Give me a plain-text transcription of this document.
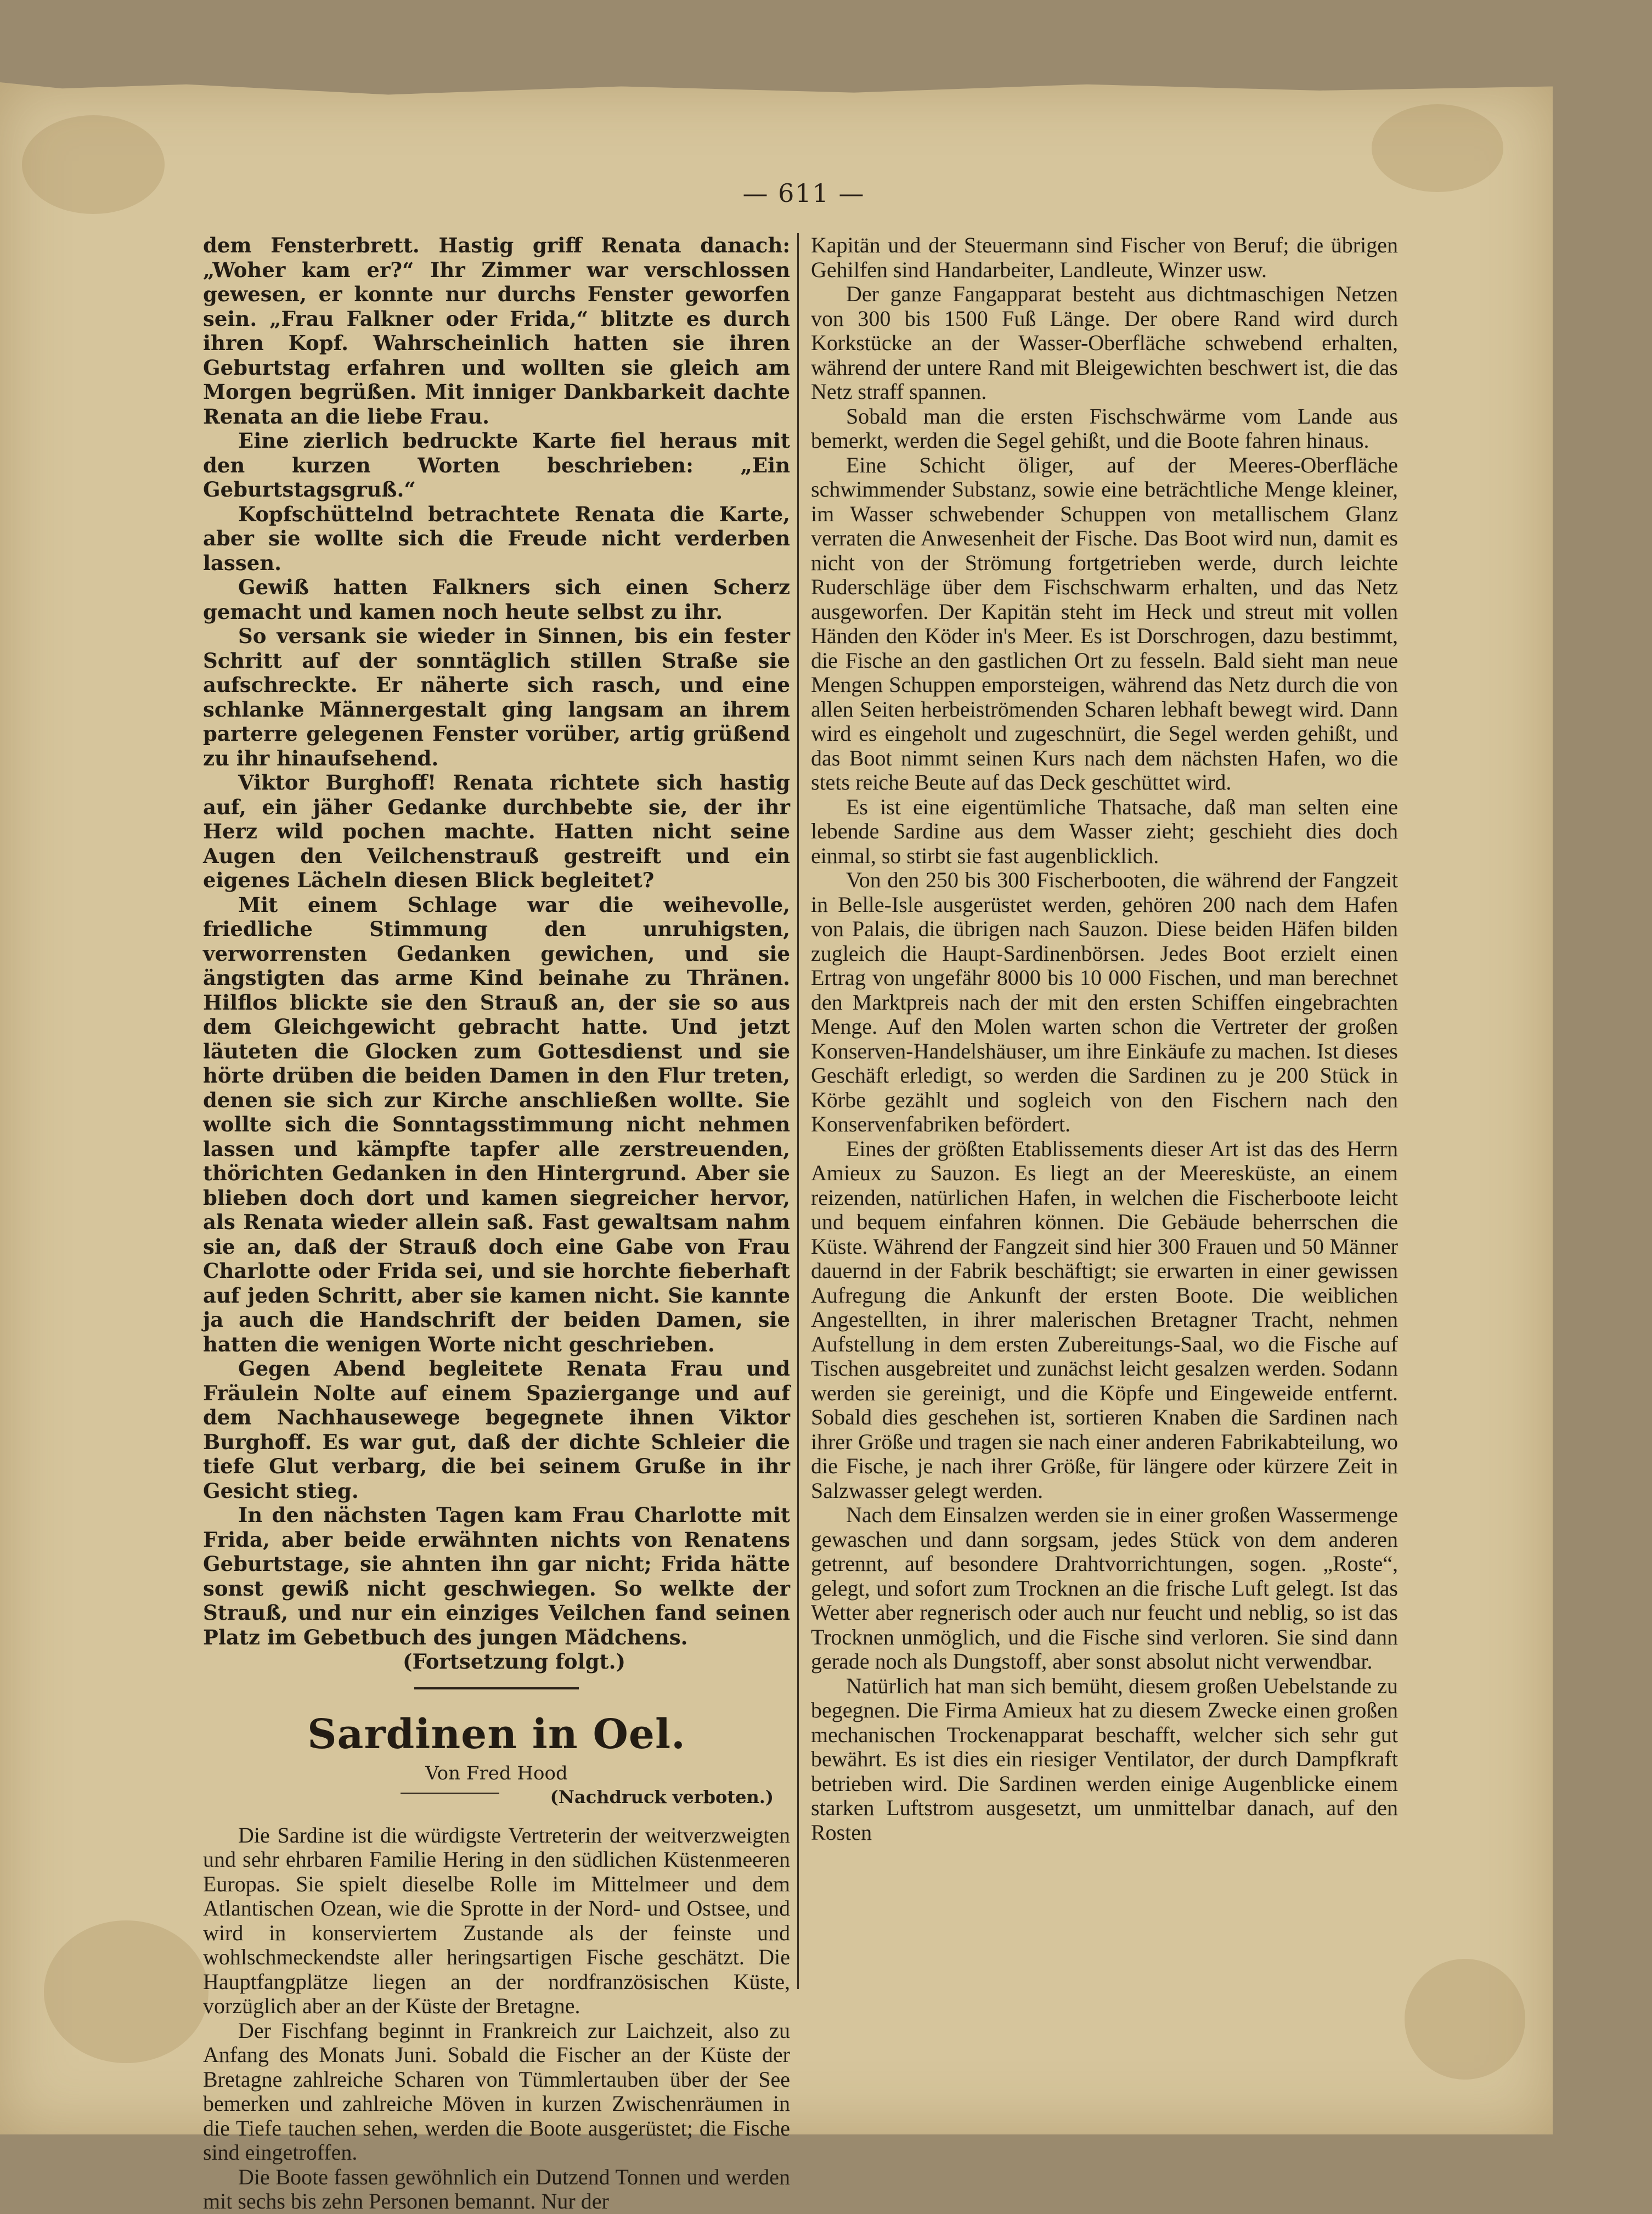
— 611 —

dem Fensterbrett. Hastig griff Renata danach: „Woher kam er?“ Ihr Zimmer war verschlossen gewesen, er konnte nur durchs Fenster geworfen sein. „Frau Falkner oder Frida,“ blitzte es durch ihren Kopf. Wahrscheinlich hatten sie ihren Geburtstag erfahren und wollten sie gleich am Morgen begrüßen. Mit inniger Dankbarkeit dachte Renata an die liebe Frau.

Eine zierlich bedruckte Karte fiel heraus mit den kurzen Worten beschrieben: „Ein Geburtstagsgruß.“

Kopfschüttelnd betrachtete Renata die Karte, aber sie wollte sich die Freude nicht verderben lassen.

Gewiß hatten Falkners sich einen Scherz gemacht und kamen noch heute selbst zu ihr.

So versank sie wieder in Sinnen, bis ein fester Schritt auf der sonntäglich stillen Straße sie aufschreckte. Er näherte sich rasch, und eine schlanke Männergestalt ging langsam an ihrem parterre gelegenen Fenster vorüber, artig grüßend zu ihr hinaufsehend.

Viktor Burghoff! Renata richtete sich hastig auf, ein jäher Gedanke durchbebte sie, der ihr Herz wild pochen machte. Hatten nicht seine Augen den Veilchenstrauß gestreift und ein eigenes Lächeln diesen Blick begleitet?

Mit einem Schlage war die weihevolle, friedliche Stimmung den unruhigsten, verworrensten Gedanken gewichen, und sie ängstigten das arme Kind beinahe zu Thränen. Hilflos blickte sie den Strauß an, der sie so aus dem Gleichgewicht gebracht hatte. Und jetzt läuteten die Glocken zum Gottesdienst und sie hörte drüben die beiden Damen in den Flur treten, denen sie sich zur Kirche anschließen wollte. Sie wollte sich die Sonntagsstimmung nicht nehmen lassen und kämpfte tapfer alle zerstreuenden, thörichten Gedanken in den Hintergrund. Aber sie blieben doch dort und kamen siegreicher hervor, als Renata wieder allein saß. Fast gewaltsam nahm sie an, daß der Strauß doch eine Gabe von Frau Charlotte oder Frida sei, und sie horchte fieberhaft auf jeden Schritt, aber sie kamen nicht. Sie kannte ja auch die Handschrift der beiden Damen, sie hatten die wenigen Worte nicht geschrieben.

Gegen Abend begleitete Renata Frau und Fräulein Nolte auf einem Spaziergange und auf dem Nachhausewege begegnete ihnen Viktor Burghoff. Es war gut, daß der dichte Schleier die tiefe Glut verbarg, die bei seinem Gruße in ihr Gesicht stieg.

In den nächsten Tagen kam Frau Charlotte mit Frida, aber beide erwähnten nichts von Renatens Geburtstage, sie ahnten ihn gar nicht; Frida hätte sonst gewiß nicht geschwiegen. So welkte der Strauß, und nur ein einziges Veilchen fand seinen Platz im Gebetbuch des jungen Mädchens.

(Fortsetzung folgt.)

Sardinen in Oel.
Von Fred Hood
(Nachdruck verboten.)

Die Sardine ist die würdigste Vertreterin der weitverzweigten und sehr ehrbaren Familie Hering in den südlichen Küstenmeeren Europas. Sie spielt dieselbe Rolle im Mittelmeer und dem Atlantischen Ozean, wie die Sprotte in der Nord- und Ostsee, und wird in konserviertem Zustande als der feinste und wohlschmeckendste aller heringsartigen Fische geschätzt. Die Hauptfangplätze liegen an der nordfranzösischen Küste, vorzüglich aber an der Küste der Bretagne.

Der Fischfang beginnt in Frankreich zur Laichzeit, also zu Anfang des Monats Juni. Sobald die Fischer an der Küste der Bretagne zahlreiche Scharen von Tümmlertauben über der See bemerken und zahlreiche Möven in kurzen Zwischenräumen in die Tiefe tauchen sehen, werden die Boote ausgerüstet; die Fische sind eingetroffen.

Die Boote fassen gewöhnlich ein Dutzend Tonnen und werden mit sechs bis zehn Personen bemannt. Nur der

Kapitän und der Steuermann sind Fischer von Beruf; die übrigen Gehilfen sind Handarbeiter, Landleute, Winzer usw.

Der ganze Fangapparat besteht aus dichtmaschigen Netzen von 300 bis 1500 Fuß Länge. Der obere Rand wird durch Korkstücke an der Wasser-Oberfläche schwebend erhalten, während der untere Rand mit Bleigewichten beschwert ist, die das Netz straff spannen.

Sobald man die ersten Fischschwärme vom Lande aus bemerkt, werden die Segel gehißt, und die Boote fahren hinaus.

Eine Schicht öliger, auf der Meeres-Oberfläche schwimmender Substanz, sowie eine beträchtliche Menge kleiner, im Wasser schwebender Schuppen von metallischem Glanz verraten die Anwesenheit der Fische. Das Boot wird nun, damit es nicht von der Strömung fortgetrieben werde, durch leichte Ruderschläge über dem Fischschwarm erhalten, und das Netz ausgeworfen. Der Kapitän steht im Heck und streut mit vollen Händen den Köder in's Meer. Es ist Dorschrogen, dazu bestimmt, die Fische an den gastlichen Ort zu fesseln. Bald sieht man neue Mengen Schuppen emporsteigen, während das Netz durch die von allen Seiten herbeiströmenden Scharen lebhaft bewegt wird. Dann wird es eingeholt und zugeschnürt, die Segel werden gehißt, und das Boot nimmt seinen Kurs nach dem nächsten Hafen, wo die stets reiche Beute auf das Deck geschüttet wird.

Es ist eine eigentümliche Thatsache, daß man selten eine lebende Sardine aus dem Wasser zieht; geschieht dies doch einmal, so stirbt sie fast augenblicklich.

Von den 250 bis 300 Fischerbooten, die während der Fangzeit in Belle-Isle ausgerüstet werden, gehören 200 nach dem Hafen von Palais, die übrigen nach Sauzon. Diese beiden Häfen bilden zugleich die Haupt-Sardinenbörsen. Jedes Boot erzielt einen Ertrag von ungefähr 8000 bis 10 000 Fischen, und man berechnet den Marktpreis nach der mit den ersten Schiffen eingebrachten Menge. Auf den Molen warten schon die Vertreter der großen Konserven-Handelshäuser, um ihre Einkäufe zu machen. Ist dieses Geschäft erledigt, so werden die Sardinen zu je 200 Stück in Körbe gezählt und sogleich von den Fischern nach den Konservenfabriken befördert.

Eines der größten Etablissements dieser Art ist das des Herrn Amieux zu Sauzon. Es liegt an der Meeresküste, an einem reizenden, natürlichen Hafen, in welchen die Fischerboote leicht und bequem einfahren können. Die Gebäude beherrschen die Küste. Während der Fangzeit sind hier 300 Frauen und 50 Männer dauernd in der Fabrik beschäftigt; sie erwarten in einer gewissen Aufregung die Ankunft der ersten Boote. Die weiblichen Angestellten, in ihrer malerischen Bretagner Tracht, nehmen Aufstellung in dem ersten Zubereitungs-Saal, wo die Fische auf Tischen ausgebreitet und zunächst leicht gesalzen werden. Sodann werden sie gereinigt, und die Köpfe und Eingeweide entfernt. Sobald dies geschehen ist, sortieren Knaben die Sardinen nach ihrer Größe und tragen sie nach einer anderen Fabrikabteilung, wo die Fische, je nach ihrer Größe, für längere oder kürzere Zeit in Salzwasser gelegt werden.

Nach dem Einsalzen werden sie in einer großen Wassermenge gewaschen und dann sorgsam, jedes Stück von dem anderen getrennt, auf besondere Drahtvorrichtungen, sogen. „Roste“, gelegt, und sofort zum Trocknen an die frische Luft gelegt. Ist das Wetter aber regnerisch oder auch nur feucht und neblig, so ist das Trocknen unmöglich, und die Fische sind verloren. Sie sind dann gerade noch als Dungstoff, aber sonst absolut nicht verwendbar.

Natürlich hat man sich bemüht, diesem großen Uebelstande zu begegnen. Die Firma Amieux hat zu diesem Zwecke einen großen mechanischen Trockenapparat beschafft, welcher sich sehr gut bewährt. Es ist dies ein riesiger Ventilator, der durch Dampfkraft betrieben wird. Die Sardinen werden einige Augenblicke einem starken Luftstrom ausgesetzt, um unmittelbar danach, auf den Rosten
